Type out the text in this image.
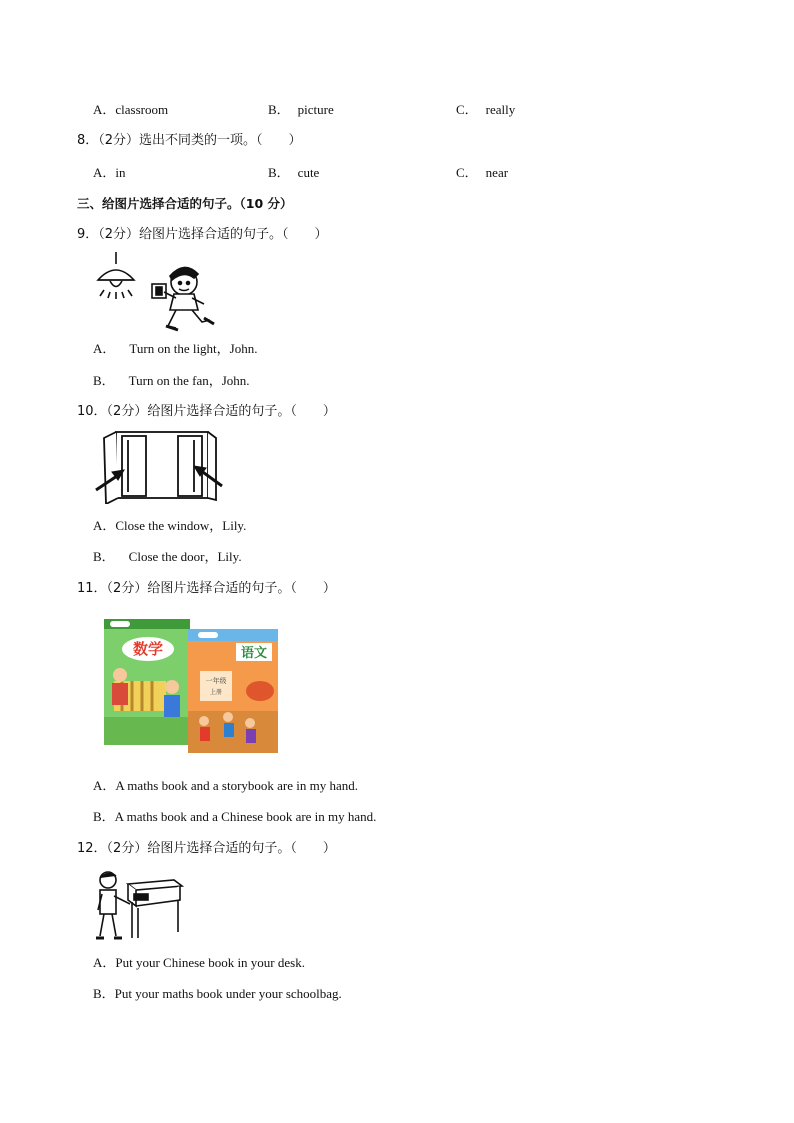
A．classroom	B． picture	C． really
8．（2分）选出不同类的一项。（　　）
A．in	B． cute	C． near
三、给图片选择合适的句子。（10 分）
9．（2分）给图片选择合适的句子。（　　）
A． Turn on the light，John.
B． Turn on the fan，John.
10．（2分）给图片选择合适的句子。（　　）
A．Close the window，Lily.
B． Close the door，Lily.
11．（2分）给图片选择合适的句子。（　　）
数学	语文
一年级
上册
A．A maths book and a storybook are in my hand.
B．A maths book and a Chinese book are in my hand.
12．（2分）给图片选择合适的句子。（　　）
A．Put your Chinese book in your desk.
B．Put your maths book under your schoolbag.
